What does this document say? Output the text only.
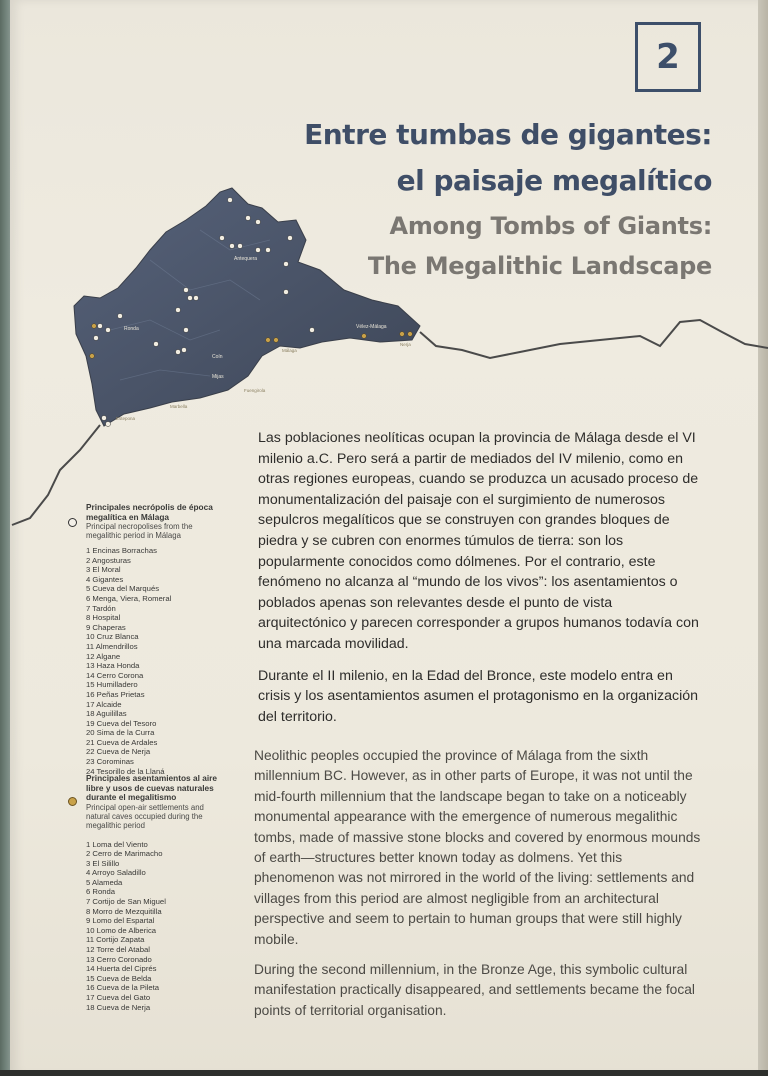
2
Entre tumbas de gigantes:
el paisaje megalítico
Among Tombs of Giants:
The Megalithic Landscape
Antequera
Ronda	Vélez-Málaga
Coín
Mijas
Málaga
Fuengirola
Marbella
Estepona
Nerja
Principales necrópolis de época
megalítica en Málaga
Principal necropolises from the
megalithic period in Málaga
1 Encinas Borrachas
2 Angosturas
3 El Moral
4 Gigantes
5 Cueva del Marqués
6 Menga, Viera, Romeral
7 Tardón
8 Hospital
9 Chaperas
10 Cruz Blanca
11 Almendrillos
12 Algane
13 Haza Honda
14 Cerro Corona
15 Humilladero
16 Peñas Prietas
17 Alcaide
18 Aguilillas
19 Cueva del Tesoro
20 Sima de la Curra
21 Cueva de Ardales
22 Cueva de Nerja
23 Corominas
24 Tesorillo de la Llaná
Principales asentamientos al aire
libre y usos de cuevas naturales
durante el megalitismo
Principal open-air settlements and
natural caves occupied during the
megalithic period
1 Loma del Viento
2 Cerro de Marimacho
3 El Silillo
4 Arroyo Saladillo
5 Alameda
6 Ronda
7 Cortijo de San Miguel
8 Morro de Mezquitilla
9 Lomo del Espartal
10 Lomo de Alberica
11 Cortijo Zapata
12 Torre del Atabal
13 Cerro Coronado
14 Huerta del Ciprés
15 Cueva de Belda
16 Cueva de la Pileta
17 Cueva del Gato
18 Cueva de Nerja

Las poblaciones neolíticas ocupan la provincia de Málaga desde el VI milenio a.C. Pero será a partir de mediados del IV milenio, como en otras regiones europeas, cuando se produzca un acusado proceso de monumentalización del paisaje con el surgimiento de numerosos sepulcros megalíticos que se construyen con grandes bloques de piedra y se cubren con enormes túmulos de tierra: son los popularmente conocidos como dólmenes. Por el contrario, este fenómeno no alcanza al “mundo de los vivos”: los asentamientos o poblados apenas son relevantes desde el punto de vista arquitectónico y parecen corresponder a grupos humanos todavía con una marcada movilidad.

Durante el II milenio, en la Edad del Bronce, este modelo entra en crisis y los asentamientos asumen el protagonismo en la organización del territorio.

Neolithic peoples occupied the province of Málaga from the sixth millennium BC. However, as in other parts of Europe, it was not until the mid-fourth millennium that the landscape began to take on a noticeably monumental appearance with the emergence of numerous megalithic tombs, made of massive stone blocks and covered by enormous mounds of earth—structures better known today as dolmens. Yet this phenomenon was not mirrored in the world of the living: settlements and villages from this period are almost negligible from an architectural perspective and seem to pertain to human groups that were still highly mobile.

During the second millennium, in the Bronze Age, this symbolic cultural manifestation practically disappeared, and settlements became the focal points of territorial organisation.
